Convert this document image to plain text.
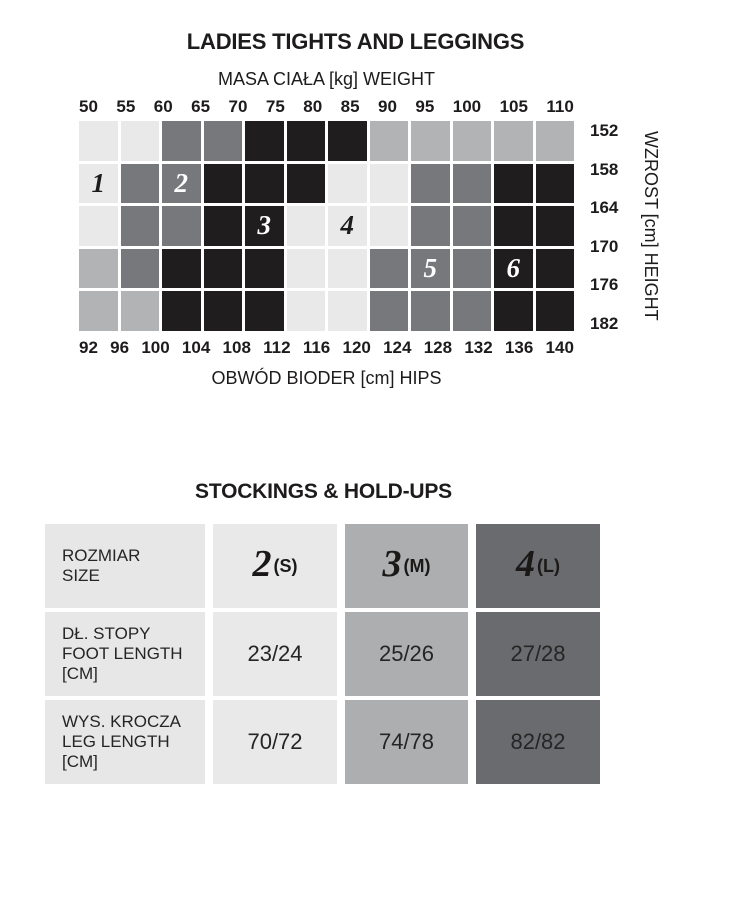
LADIES TIGHTS AND LEGGINGS
MASA CIAŁA [kg] WEIGHT
50 55 60 65 70 75 80 85 90 95 100 105 110
1	2
3	4
5	6
152
158
164
170
176
182
WZROST [cm] HEIGHT
92 96 100 104 108 112 116 120 124 128 132 136 140
OBWÓD BIODER [cm] HIPS
STOCKINGS & HOLD-UPS
ROZMIAR
SIZE	2 (S) 3 (M) 4 (L)
DŁ. STOPY
FOOT LENGTH
[CM]
23/24	25/26	27/28
WYS. KROCZA
LEG LENGTH
[CM]
70/72	74/78	82/82
